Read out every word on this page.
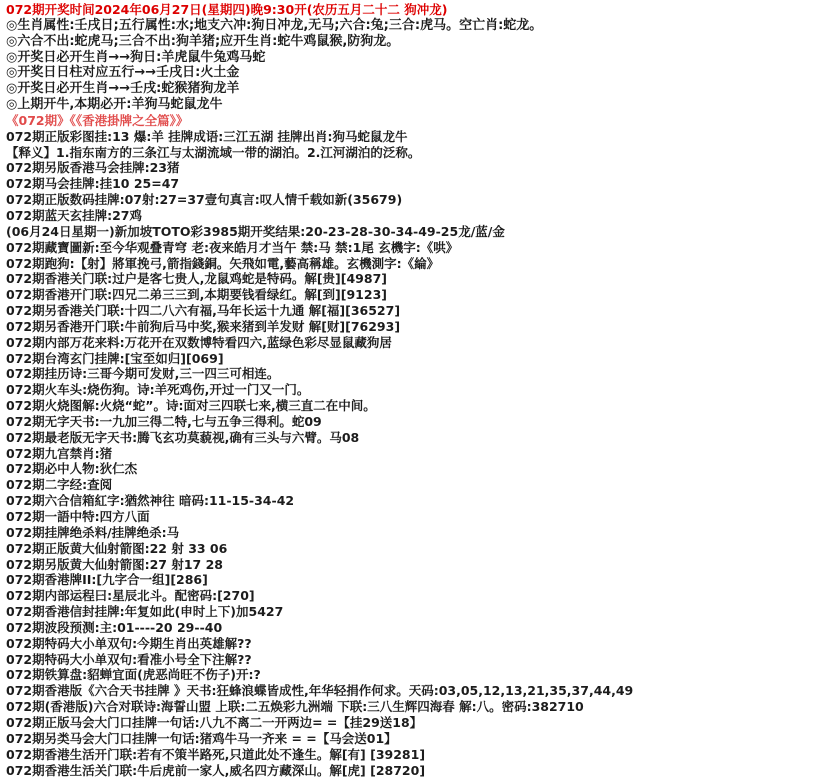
072期开奖时间2024年06月27日(星期四)晚9:30开(农历五月二十二 狗冲龙)
◎生肖属性:壬戌日;五行属性:水;地支六冲:狗日冲龙,无马;六合:兔;三合:虎马。空亡肖:蛇龙。
◎六合不出:蛇虎马;三合不出:狗羊猪;应开生肖:蛇牛鸡鼠猴,防狗龙。
◎开奖日必开生肖→→狗日:羊虎鼠牛兔鸡马蛇
◎开奖日日柱对应五行→→壬戌日:火土金
◎开奖日必开生肖→→壬戌:蛇猴猪狗龙羊
◎上期开牛,本期必开:羊狗马蛇鼠龙牛
《072期》《《香港掛牌之全篇》》
072期正版彩图挂:13 爆:羊 挂牌成语:三江五湖 挂牌出肖:狗马蛇鼠龙牛
【释义】1.指东南方的三条江与太湖流域一带的湖泊。2.江河湖泊的泛称。
072期另版香港马会挂牌:23猪
072期马会挂牌:挂10 25=47
072期正版数码挂牌:07射:27=37壹句真言:叹人情千载如新(35679)
072期蓝天玄挂牌:27鸡
(06月24日星期一)新加坡TOTO彩3985期开奖结果:20-23-28-30-34-49-25龙/蓝/金
072期藏寶圖新:至今华观叠青穹 老:夜来皓月才当午 禁:马 禁:1尾 玄機字:《哄》
072期跑狗:【射】將軍挽弓,箭指錢銅。矢飛如電,藝高稱雄。玄機測字:《綸》
072期香港关门联:过户是客七贵人,龙鼠鸡蛇是特码。解[贵][4987]
072期香港开门联:四兄二弟三三到,本期要钱看绿红。解[到][9123]
072期另香港关门联:十四二八六有福,马年长运十九通 解[福][36527]
072期另香港开门联:牛前狗后马中奖,猴来猪到羊发财 解[财][76293]
072期内部万花来料:万花开在双数博特看四六,蓝绿色彩尽显鼠藏狗居
072期台湾玄门挂牌:[宝至如归][069]
072期挂历诗:三哥今期可发财,三一四三可相连。
072期火车头:烧伤狗。诗:羊死鸡伤,开过一门又一门。
072期火烧图解:火烧“蛇”。诗:面对三四联七来,横三直二在中间。
072期无字天书:一九加三得二特,七与五争三得利。蛇09
072期最老版无字天书:腾飞玄功莫藐视,确有三头与六臂。马08
072期九宫禁肖:猪
072期必中人物:狄仁杰
072期二字经:查阅
072期六合信箱紅字:猶然神往 暗码:11-15-34-42
072期一語中特:四方八面
072期挂牌绝杀料/挂牌绝杀:马
072期正版黄大仙射箭图:22 射 33 06
072期另版黄大仙射箭图:27 射17 28
072期香港牌II:[九字合一组][286]
072期内部运程曰:星辰北斗。配密码:[270]
072期香港信封挂牌:年复如此(申时上下)加5427
072期波段预测:主:01----20 29--40
072期特码大小单双句:今期生肖出英雄解??
072期特码大小单双句:看准小号全下注解??
072期铁算盘:貂蝉宜面(虎恶尚旺不伤子)开:?
072期香港版《六合天书挂牌 》天书:狂蜂浪蝶皆成性,年华轻捐作何求。天码:03,05,12,13,21,35,37,44,49
072期(香港版)六合对联诗:海誓山盟 上联:二五焕彩九洲端 下联:三八生辉四海春 解:八。密码:382710
072期正版马会大门口挂牌一句话:八九不离二一开两边= =【挂29送18】
072期另类马会大门口挂牌一句话:猪鸡牛马一齐来 = =【马会送01】
072期香港生活开门联:若有不策半路死,只道此处不逢生。解[有] [39281]
072期香港生活关门联:牛后虎前一家人,威名四方藏深山。解[虎] [28720]
